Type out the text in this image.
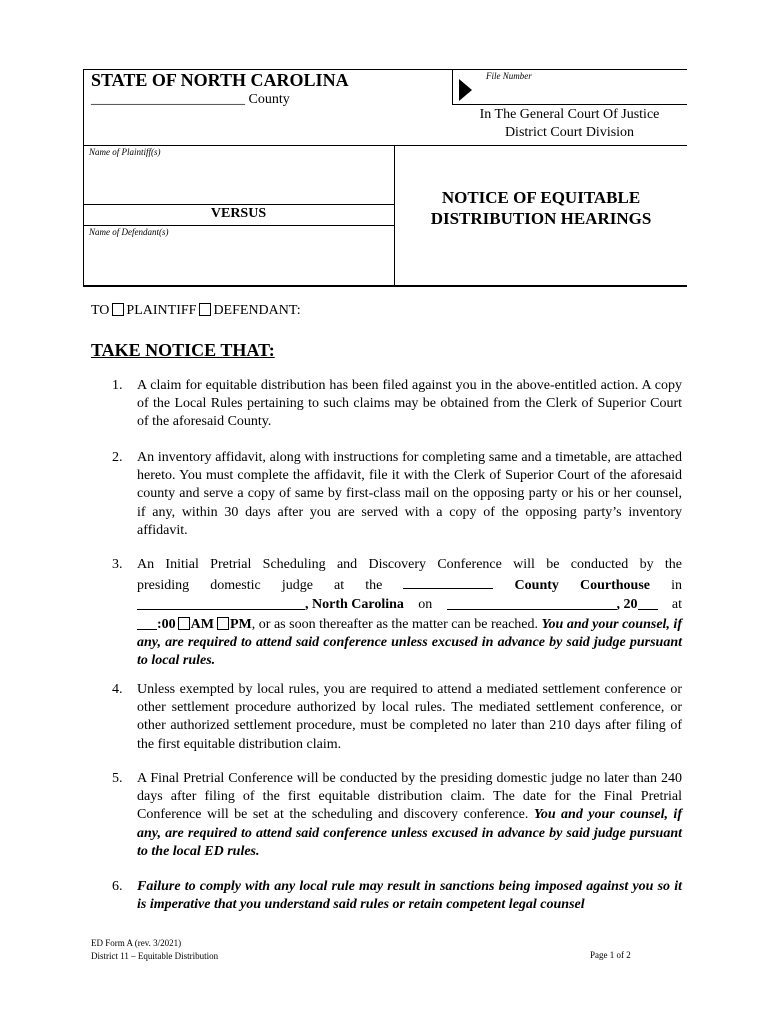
STATE OF NORTH CAROLINA
______________________ County
File Number
In The General Court Of Justice
District Court Division
Name of Plaintiff(s)
VERSUS
Name of Defendant(s)
NOTICE OF EQUITABLE
DISTRIBUTION HEARINGS
TO PLAINTIFF DEFENDANT:
TAKE NOTICE THAT:
1. A claim for equitable distribution has been filed against you in the above-entitled action. A copy of the Local Rules pertaining to such claims may be obtained from the Clerk of Superior Court of the aforesaid County.
2. An inventory affidavit, along with instructions for completing same and a timetable, are attached hereto. You must complete the affidavit, file it with the Clerk of Superior Court of the aforesaid county and serve a copy of same by first-class mail on the opposing party or his or her counsel, if any, within 30 days after you are served with a copy of the opposing party’s inventory affidavit.
3. An Initial Pretrial Scheduling and Discovery Conference will be conducted by the
presiding domestic judge at the	County Courthouse in
, North Carolina on	, 20	at
:00 AM PM, or as soon thereafter as the matter can be reached. You and your counsel, if any, are required to attend said conference unless excused in advance by said judge pursuant to local rules.
4. Unless exempted by local rules, you are required to attend a mediated settlement conference or other settlement procedure authorized by local rules. The mediated settlement conference, or other authorized settlement procedure, must be completed no later than 210 days after filing of the first equitable distribution claim.
5. A Final Pretrial Conference will be conducted by the presiding domestic judge no later than 240 days after filing of the first equitable distribution claim. The date for the Final Pretrial Conference will be set at the scheduling and discovery conference. You and your counsel, if any, are required to attend said conference unless excused in advance by said judge pursuant to the local ED rules.
6. Failure to comply with any local rule may result in sanctions being imposed against you so it is imperative that you understand said rules or retain competent legal counsel
ED Form A (rev. 3/2021)
District 11 – Equitable Distribution	Page 1 of 2
